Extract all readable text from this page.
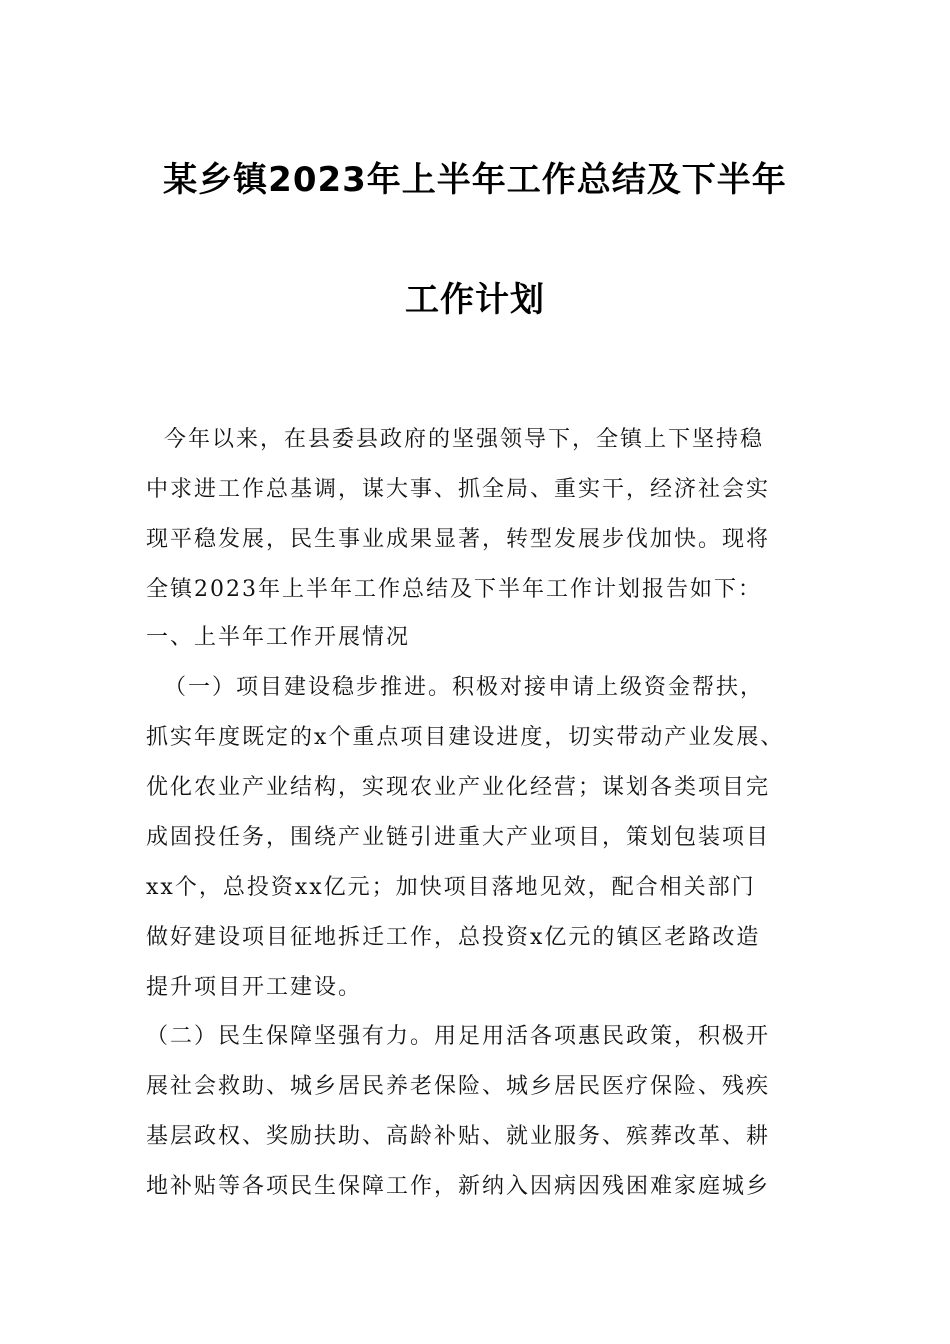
某乡镇2023年上半年工作总结及下半年
工作计划
今年以来，在县委县政府的坚强领导下，全镇上下坚持稳
中求进工作总基调，谋大事、抓全局、重实干，经济社会实
现平稳发展，民生事业成果显著，转型发展步伐加快。现将
全镇2023年上半年工作总结及下半年工作计划报告如下：
一、上半年工作开展情况
（一）项目建设稳步推进。积极对接申请上级资金帮扶，
抓实年度既定的x个重点项目建设进度，切实带动产业发展、
优化农业产业结构，实现农业产业化经营；谋划各类项目完
成固投任务，围绕产业链引进重大产业项目，策划包装项目
xx个，总投资xx亿元；加快项目落地见效，配合相关部门
做好建设项目征地拆迁工作，总投资x亿元的镇区老路改造
提升项目开工建设。
（二）民生保障坚强有力。用足用活各项惠民政策，积极开
展社会救助、城乡居民养老保险、城乡居民医疗保险、残疾
基层政权、奖励扶助、高龄补贴、就业服务、殡葬改革、耕
地补贴等各项民生保障工作，新纳入因病因残困难家庭城乡
